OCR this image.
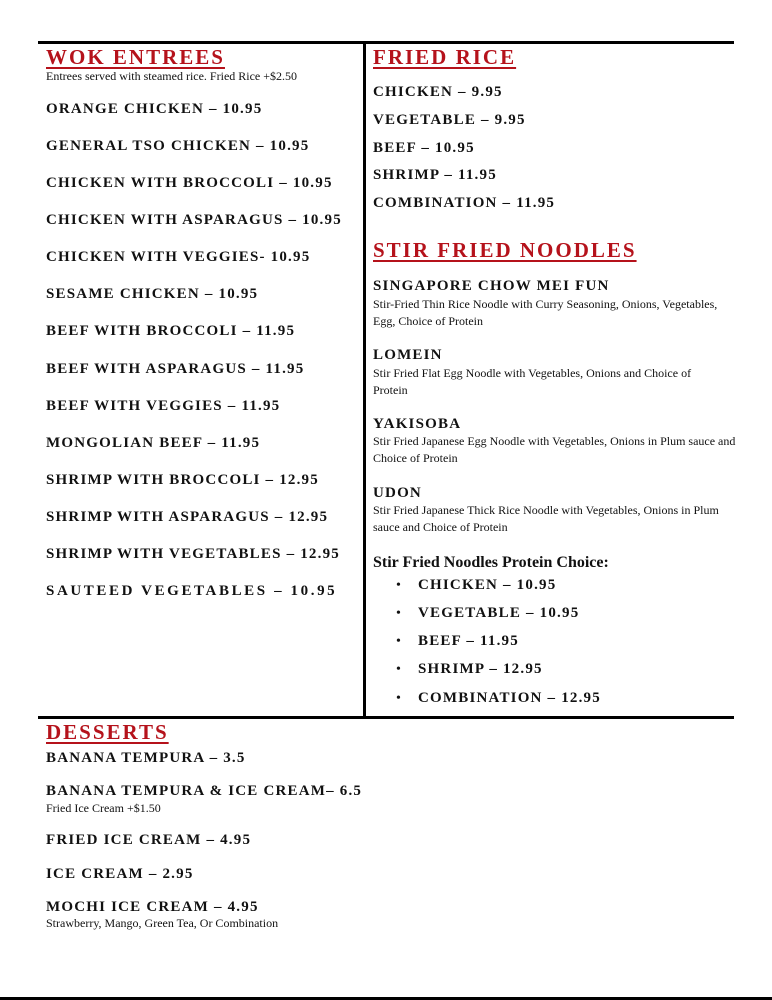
WOK ENTREES
Entrees served with steamed rice. Fried Rice +$2.50
ORANGE CHICKEN – 10.95
GENERAL TSO CHICKEN – 10.95
CHICKEN WITH BROCCOLI – 10.95
CHICKEN WITH ASPARAGUS – 10.95
CHICKEN WITH VEGGIES- 10.95
SESAME CHICKEN – 10.95
BEEF WITH BROCCOLI – 11.95
BEEF WITH ASPARAGUS – 11.95
BEEF WITH VEGGIES – 11.95
MONGOLIAN BEEF – 11.95
SHRIMP WITH BROCCOLI – 12.95
SHRIMP WITH ASPARAGUS – 12.95
SHRIMP WITH VEGETABLES – 12.95
SAUTEED VEGETABLES – 10.95
FRIED RICE
CHICKEN – 9.95
VEGETABLE – 9.95
BEEF – 10.95
SHRIMP – 11.95
COMBINATION – 11.95
STIR FRIED NOODLES
SINGAPORE CHOW MEI FUN
Stir-Fried Thin Rice Noodle with Curry Seasoning, Onions, Vegetables, Egg, Choice of Protein
LOMEIN
Stir Fried Flat Egg Noodle with Vegetables, Onions and Choice of Protein
YAKISOBA
Stir Fried Japanese Egg Noodle with Vegetables, Onions in Plum sauce and Choice of Protein
UDON
Stir Fried Japanese Thick Rice Noodle with Vegetables, Onions in Plum sauce and Choice of Protein
Stir Fried Noodles Protein Choice:
• CHICKEN – 10.95
• VEGETABLE – 10.95
• BEEF – 11.95
• SHRIMP – 12.95
• COMBINATION – 12.95
DESSERTS
BANANA TEMPURA – 3.5
BANANA TEMPURA & ICE CREAM– 6.5
Fried Ice Cream +$1.50
FRIED ICE CREAM – 4.95
ICE CREAM – 2.95
MOCHI ICE CREAM – 4.95
Strawberry, Mango, Green Tea, Or Combination
